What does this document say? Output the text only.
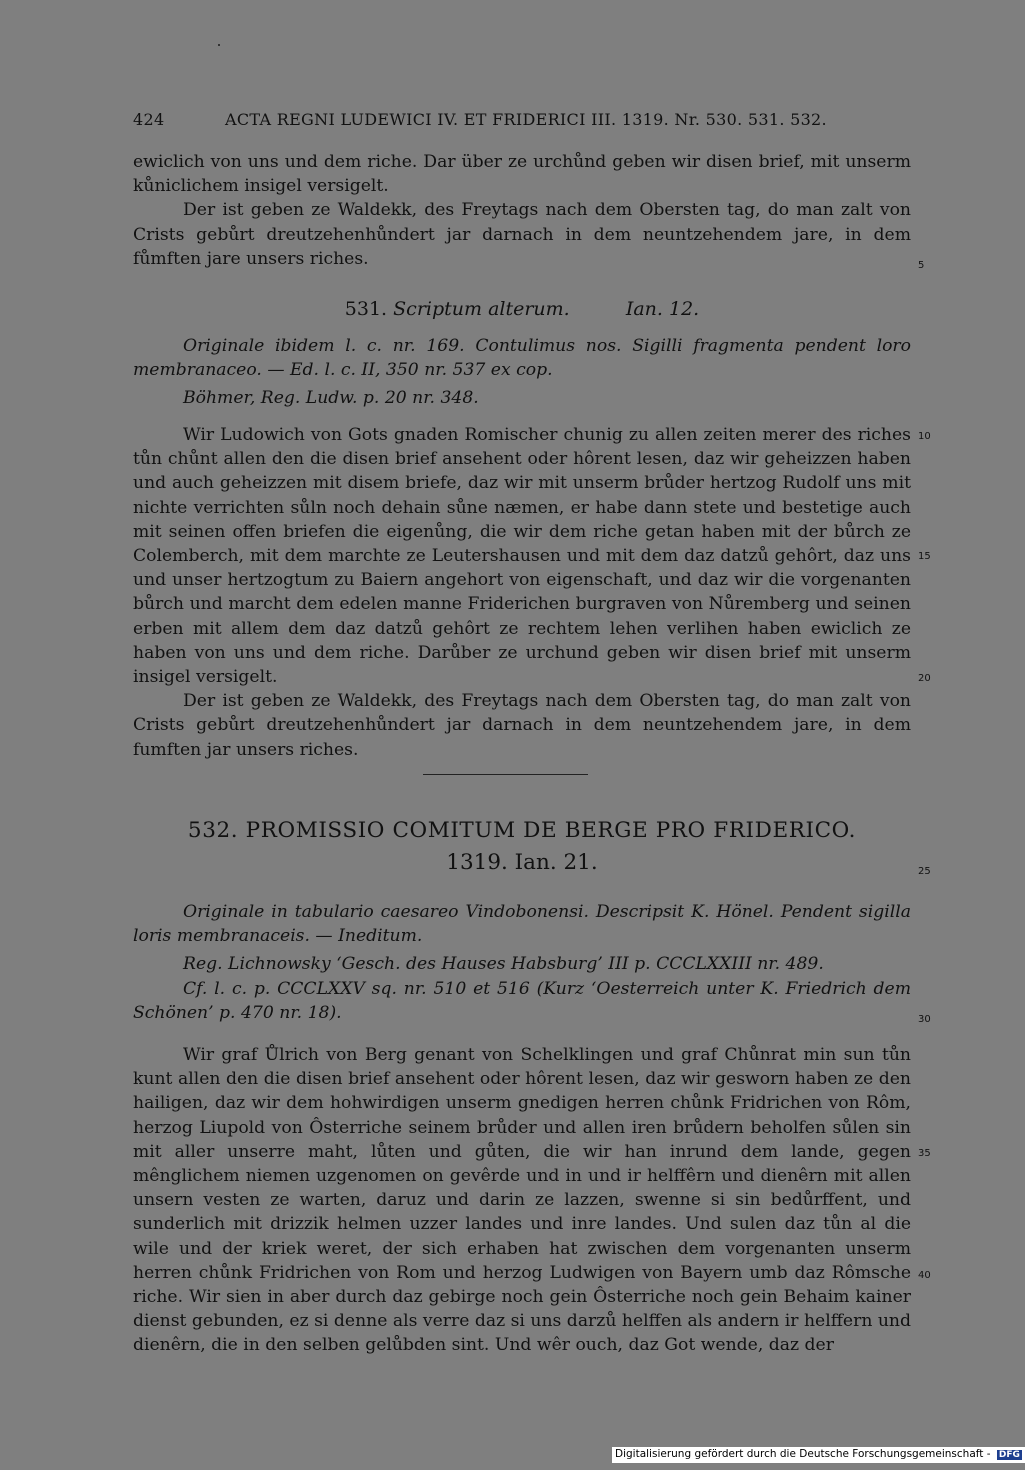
424	ACTA REGNI LUDEWICI IV. ET FRIDERICI III. 1319. Nr. 530. 531. 532.

ewiclich von uns und dem riche. Dar über ze urchůnd geben wir disen brief, mit unserm kůniclichem insigel versigelt.

Der ist geben ze Waldekk, des Freytags nach dem Obersten tag, do man zalt von Crists gebůrt dreutzehenhůndert jar darnach in dem neuntzehendem jare, in dem fůmften jare unsers riches.

531. Scriptum alterum.	Ian. 12.

Originale ibidem l. c. nr. 169. Contulimus nos. Sigilli fragmenta pendent loro membranaceo. — Ed. l. c. II, 350 nr. 537 ex cop.

Böhmer, Reg. Ludw. p. 20 nr. 348.

Wir Ludowich von Gots gnaden Romischer chunig zu allen zeiten merer des riches tůn chůnt allen den die disen brief ansehent oder hôrent lesen, daz wir geheizzen haben und auch geheizzen mit disem briefe, daz wir mit unserm brůder hertzog Rudolf uns mit nichte verrichten sůln noch dehain sůne næmen, er habe dann stete und bestetige auch mit seinen offen briefen die eigenůng, die wir dem riche getan haben mit der bůrch ze Colemberch, mit dem marchte ze Leutershausen und mit dem daz datzů gehôrt, daz uns und unser hertzogtum zu Baiern angehort von eigenschaft, und daz wir die vorgenanten bůrch und marcht dem edelen manne Friderichen burgraven von Nůremberg und seinen erben mit allem dem daz datzů gehôrt ze rechtem lehen verlihen haben ewiclich ze haben von uns und dem riche. Darůber ze urchund geben wir disen brief mit unserm insigel versigelt.

Der ist geben ze Waldekk, des Freytags nach dem Obersten tag, do man zalt von Crists gebůrt dreutzehenhůndert jar darnach in dem neuntzehendem jare, in dem fumften jar unsers riches.

532. PROMISSIO COMITUM DE BERGE PRO FRIDERICO.
1319. Ian. 21.

Originale in tabulario caesareo Vindobonensi. Descripsit K. Hönel. Pendent sigilla loris membranaceis. — Ineditum.

Reg. Lichnowsky ‘Gesch. des Hauses Habsburg’ III p. CCCLXXIII nr. 489.

Cf. l. c. p. CCCLXXV sq. nr. 510 et 516 (Kurz ‘Oesterreich unter K. Friedrich dem Schönen’ p. 470 nr. 18).

Wir graf Ůlrich von Berg genant von Schelklingen und graf Chůnrat min sun tůn kunt allen den die disen brief ansehent oder hôrent lesen, daz wir gesworn haben ze den hailigen, daz wir dem hohwirdigen unserm gnedigen herren chůnk Fridrichen von Rôm, herzog Liupold von Ôsterriche seinem brůder und allen iren brůdern beholfen sůlen sin mit aller unserre maht, lůten und gůten, die wir han inrund dem lande, gegen mênglichem niemen uzgenomen on gevêrde und in und ir helffêrn und dienêrn mit allen unsern vesten ze warten, daruz und darin ze lazzen, swenne si sin bedůrffent, und sunderlich mit drizzik helmen uzzer landes und inre landes. Und sulen daz tůn al die wile und der kriek weret, der sich erhaben hat zwischen dem vorgenanten unserm herren chůnk Fridrichen von Rom und herzog Ludwigen von Bayern umb daz Rômsche riche. Wir sien in aber durch daz gebirge noch gein Ôsterriche noch gein Behaim kainer dienst gebunden, ez si denne als verre daz si uns darzů helffen als andern ir helffern und dienêrn, die in den selben gelůbden sint. Und wêr ouch, daz Got wende, daz der

5
10
15
20
25
30
35
40
Digitalisierung gefördert durch die Deutsche Forschungsgemeinschaft - DFG
